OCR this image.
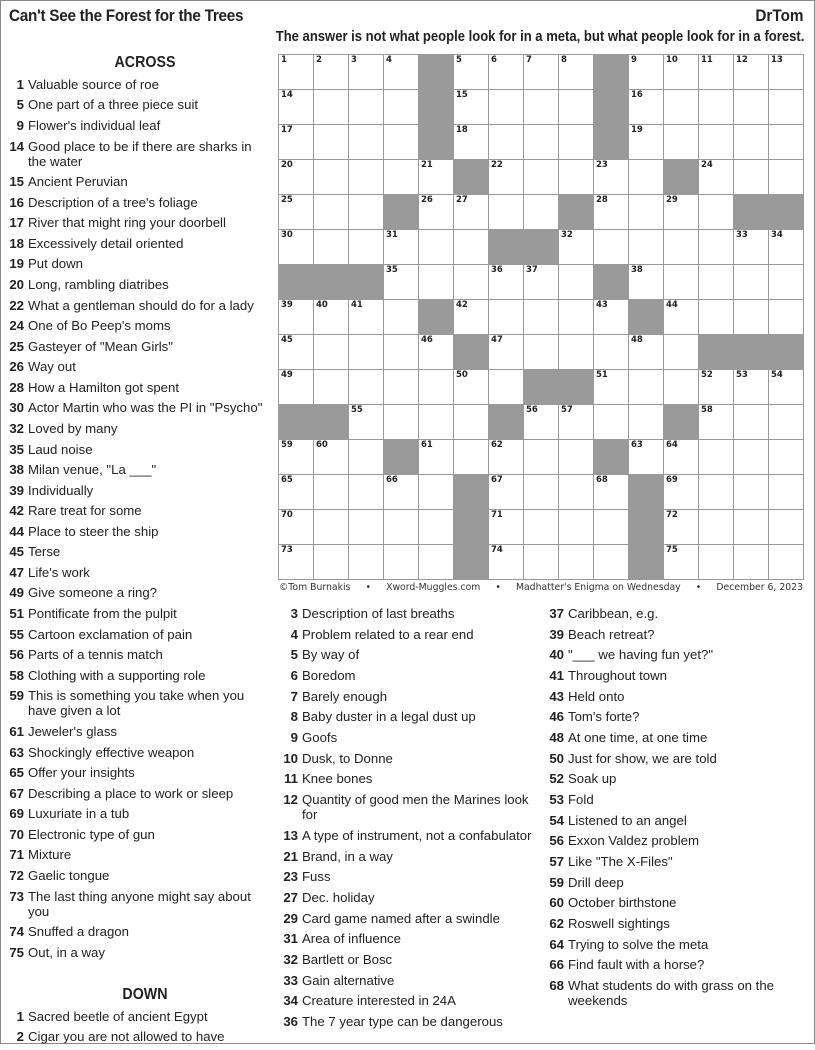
Can't See the Forest for the Trees	DrTom
The answer is not what people look for in a meta, but what people look for in a forest.
1	2	3	4	5	6	7	8	9	10	11	12	13
14	15	16
17	18	19
20	21	22	23	24
25	26	27	28	29
30	31	32	33	34
35	36	37	38
39	40	41	42	43	44
45	46	47	48
49	50	51	52	53	54
55	56	57	58
59	60	61	62	63	64
65	66	67	68	69
70	71	72
73	74	75
©Tom Burnakis • Xword-Muggles.com • Madhatter's Enigma on Wednesday • December 6, 2023
ACROSS
1 Valuable source of roe
5 One part of a three piece suit
9 Flower's individual leaf
14 Good place to be if there are sharks in the water
15 Ancient Peruvian
16 Description of a tree's foliage
17 River that might ring your doorbell
18 Excessively detail oriented
19 Put down
20 Long, rambling diatribes
22 What a gentleman should do for a lady
24 One of Bo Peep's moms
25 Gasteyer of "Mean Girls"
26 Way out
28 How a Hamilton got spent
30 Actor Martin who was the PI in "Psycho"
32 Loved by many
35 Laud noise
38 Milan venue, "La ___"
39 Individually
42 Rare treat for some
44 Place to steer the ship
45 Terse
47 Life's work
49 Give someone a ring?
51 Pontificate from the pulpit
55 Cartoon exclamation of pain
56 Parts of a tennis match
58 Clothing with a supporting role
59 This is something you take when you have given a lot
61 Jeweler's glass
63 Shockingly effective weapon
65 Offer your insights
67 Describing a place to work or sleep
69 Luxuriate in a tub
70 Electronic type of gun
71 Mixture
72 Gaelic tongue
73 The last thing anyone might say about you
74 Snuffed a dragon
75 Out, in a way
DOWN
1 Sacred beetle of ancient Egypt
2 Cigar you are not allowed to have
3 Description of last breaths
4 Problem related to a rear end
5 By way of
6 Boredom
7 Barely enough
8 Baby duster in a legal dust up
9 Goofs
10 Dusk, to Donne
11 Knee bones
12 Quantity of good men the Marines look for
13 A type of instrument, not a confabulator
21 Brand, in a way
23 Fuss
27 Dec. holiday
29 Card game named after a swindle
31 Area of influence
32 Bartlett or Bosc
33 Gain alternative
34 Creature interested in 24A
36 The 7 year type can be dangerous
37 Caribbean, e.g.
39 Beach retreat?
40 "___ we having fun yet?"
41 Throughout town
43 Held onto
46 Tom's forte?
48 At one time, at one time
50 Just for show, we are told
52 Soak up
53 Fold
54 Listened to an angel
56 Exxon Valdez problem
57 Like "The X-Files"
59 Drill deep
60 October birthstone
62 Roswell sightings
64 Trying to solve the meta
66 Find fault with a horse?
68 What students do with grass on the weekends
